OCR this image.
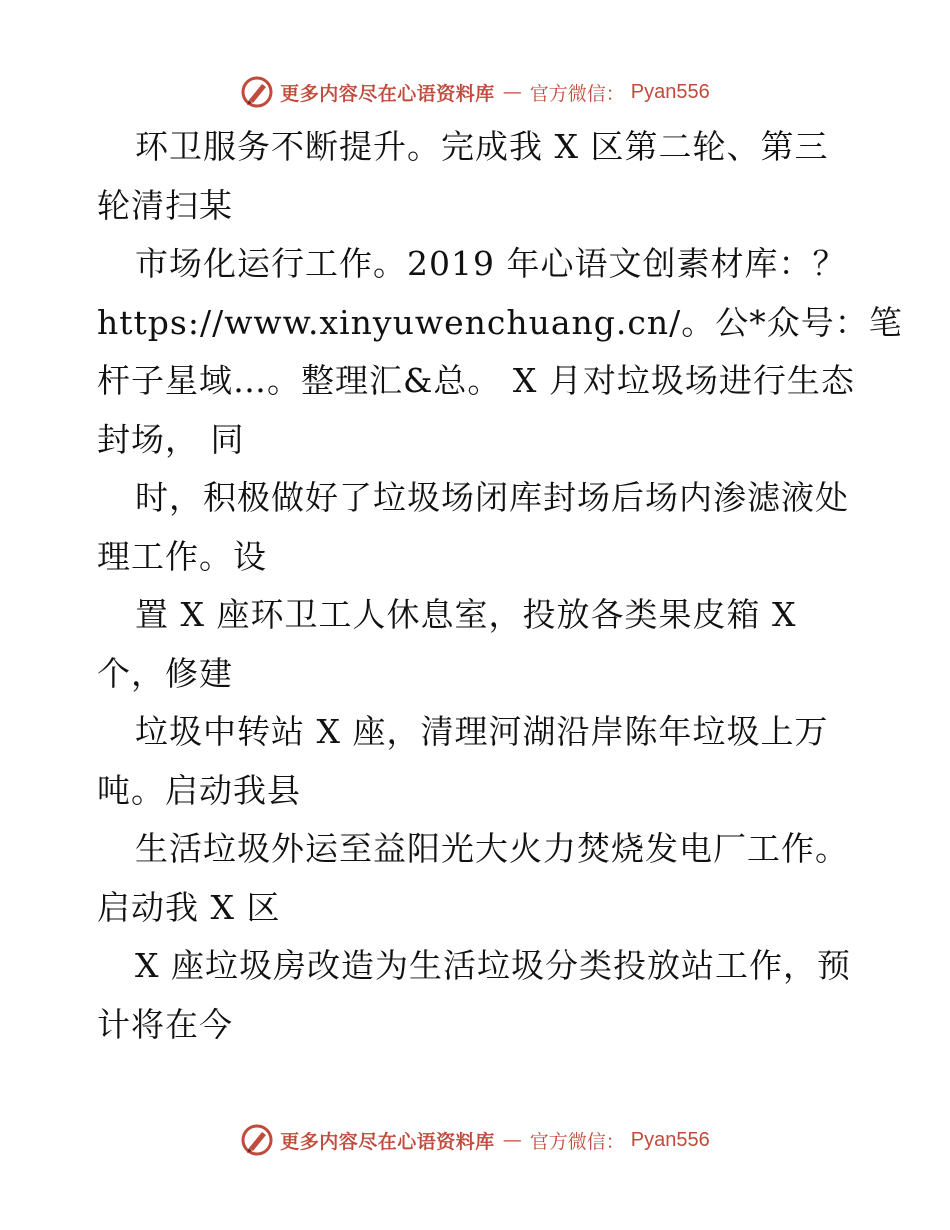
更多内容尽在心语资料库 — 官方微信： Pyan556
环卫服务不断提升。完成我 X 区第二轮、第三
轮清扫某
市场化运行工作。2019 年心语文创素材库：？
https://www.xinyuwenchuang.cn/。公*众号：笔
杆子星域…。整理汇&总。 X 月对垃圾场进行生态
封场， 同
时，积极做好了垃圾场闭库封场后场内渗滤液处
理工作。设
置 X 座环卫工人休息室，投放各类果皮箱 X
个，修建
垃圾中转站 X 座，清理河湖沿岸陈年垃圾上万
吨。启动我县
生活垃圾外运至益阳光大火力焚烧发电厂工作。
启动我 X 区
X 座垃圾房改造为生活垃圾分类投放站工作，预
计将在今
更多内容尽在心语资料库 — 官方微信： Pyan556
